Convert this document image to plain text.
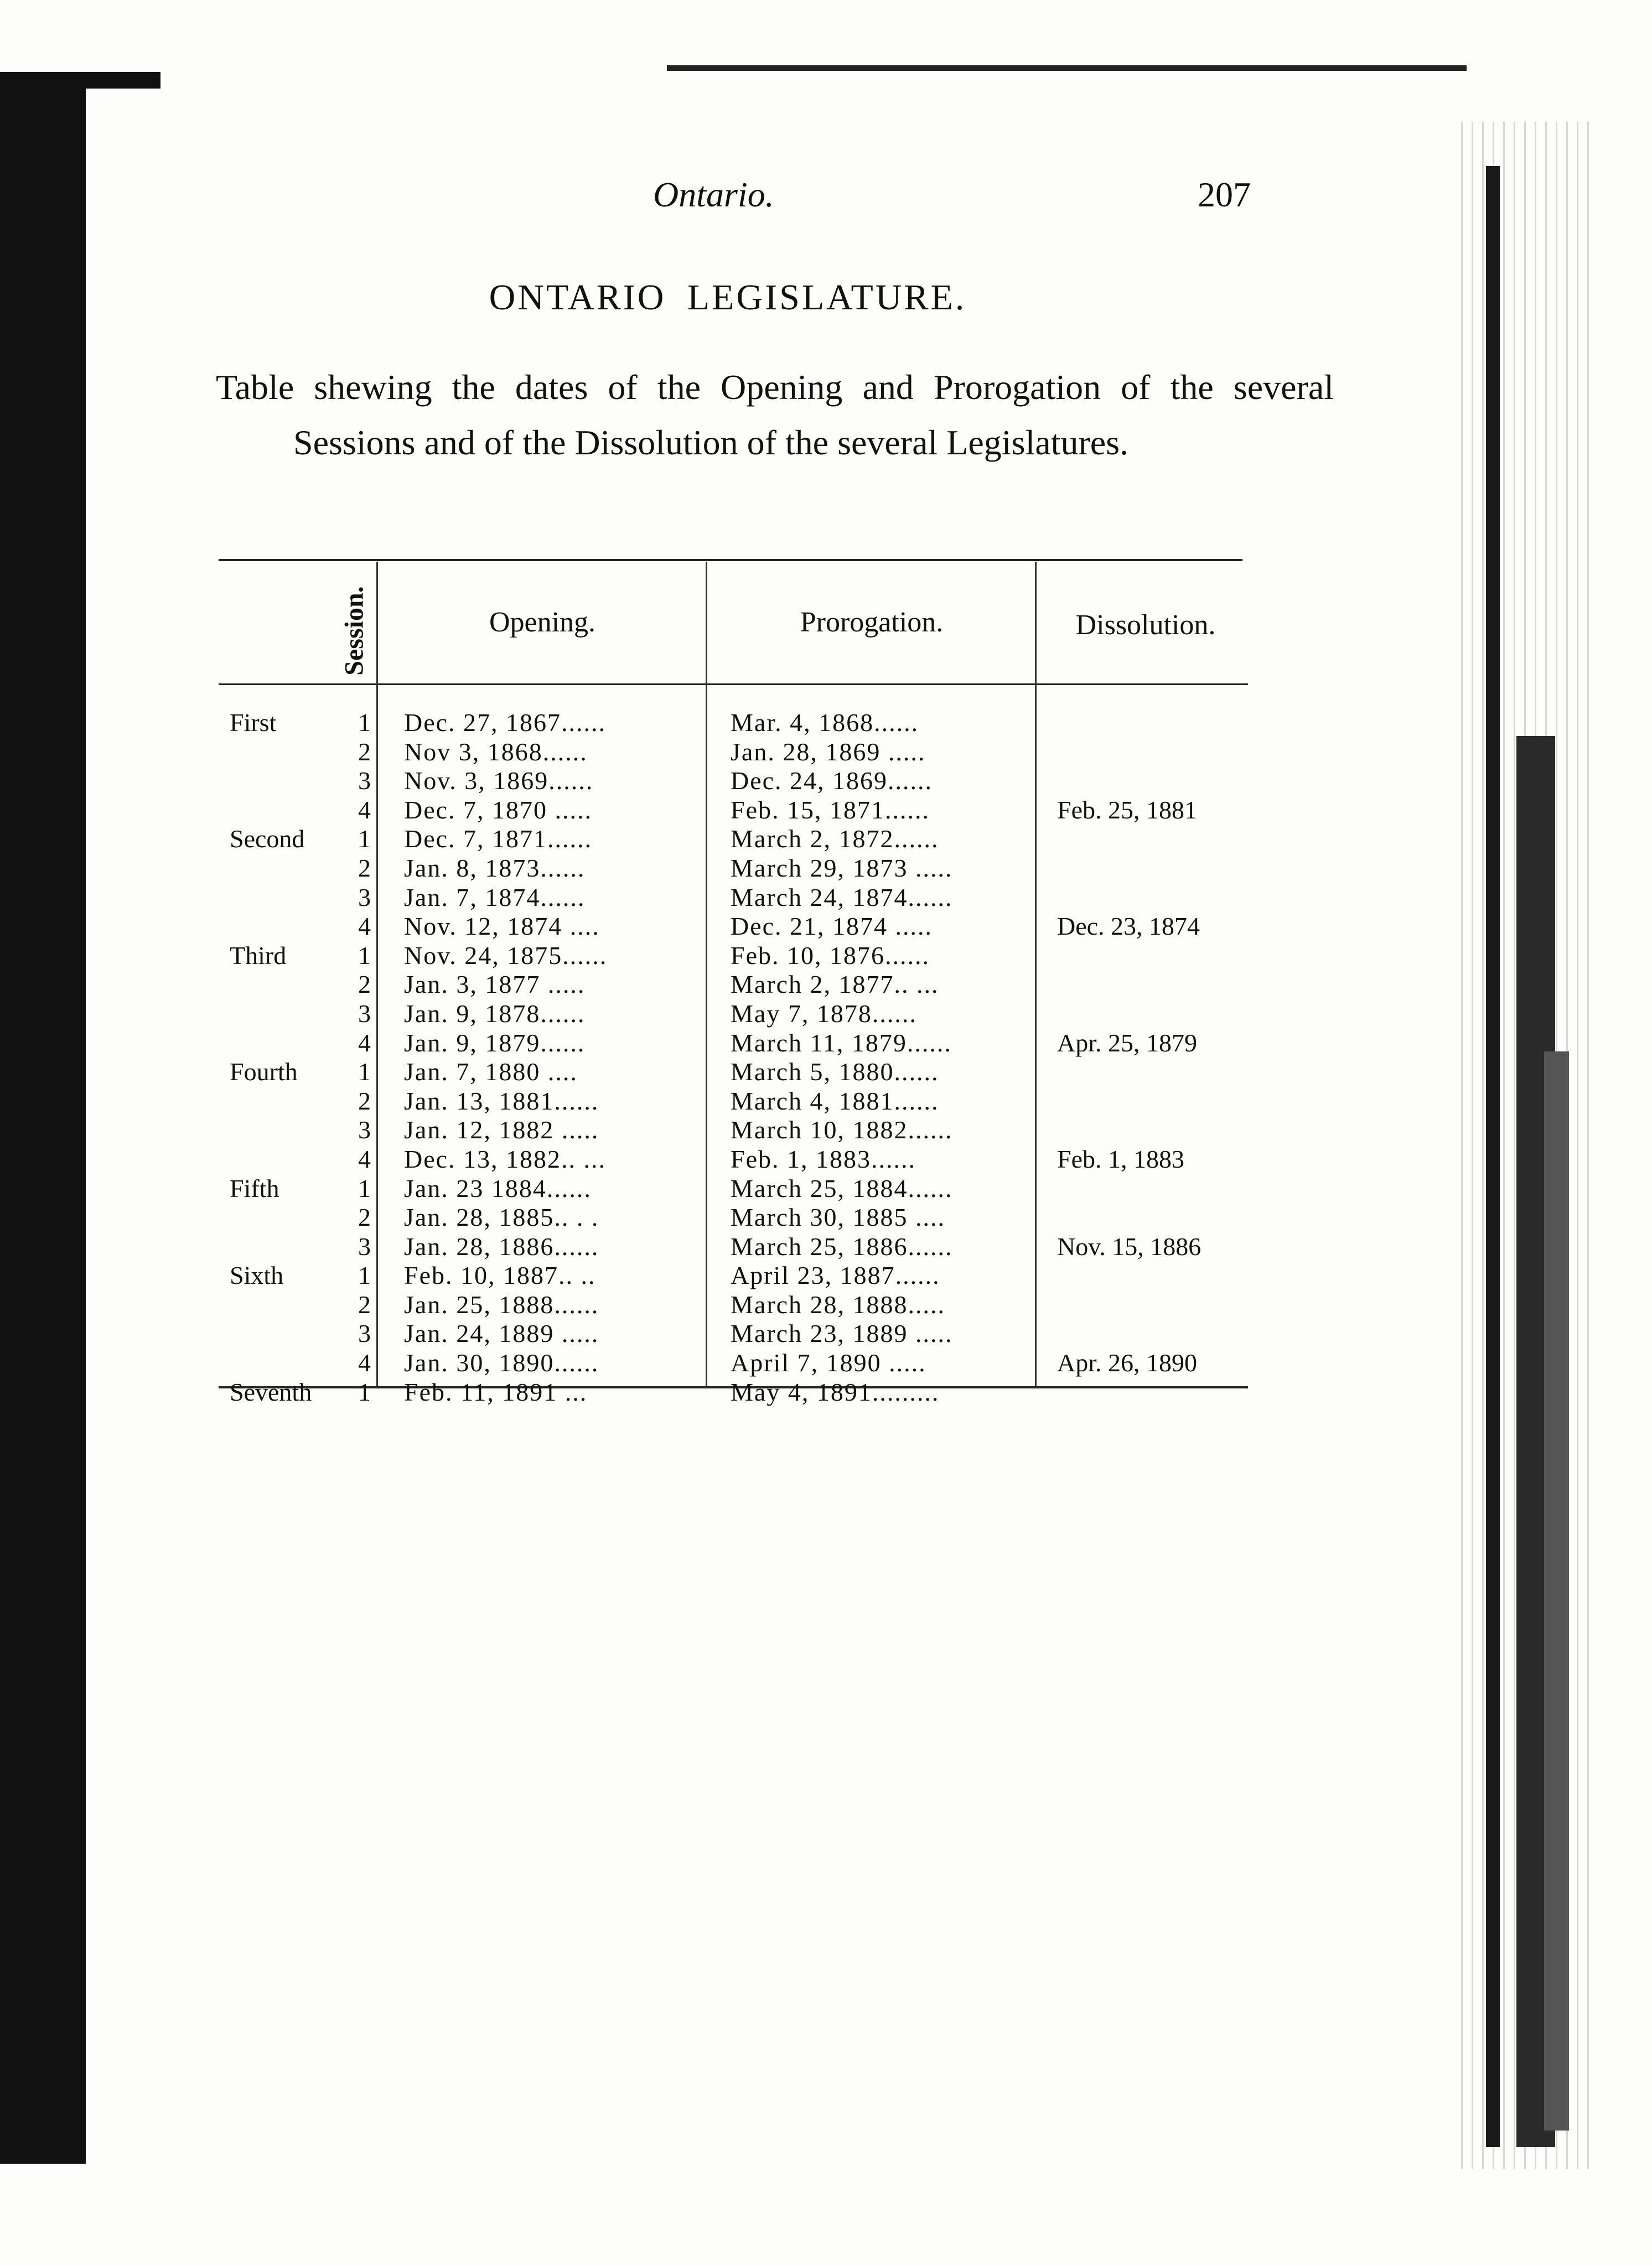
Ontario.	207
ONTARIO LEGISLATURE.
Table shewing the dates of the Opening and Prorogation of the several Sessions and of the Dissolution of the several Legislatures.
Session.	Opening.	Prorogation.	Dissolution.
First	1 Dec. 27, 1867......	Mar. 4, 1868......
2 Nov 3, 1868......	Jan. 28, 1869 .....
3 Nov. 3, 1869......	Dec. 24, 1869......
4 Dec. 7, 1870 .....	Feb. 15, 1871......	Feb. 25, 1881
Second	1 Dec. 7, 1871......	March 2, 1872......
2 Jan. 8, 1873......	March 29, 1873 .....
3 Jan. 7, 1874......	March 24, 1874......
4 Nov. 12, 1874 ....	Dec. 21, 1874 .....	Dec. 23, 1874
Third	1 Nov. 24, 1875......	Feb. 10, 1876......
2 Jan. 3, 1877 .....	March 2, 1877.. ...
3 Jan. 9, 1878......	May 7, 1878......
4 Jan. 9, 1879......	March 11, 1879......	Apr. 25, 1879
Fourth	1 Jan. 7, 1880 ....	March 5, 1880......
2 Jan. 13, 1881......	March 4, 1881......
3 Jan. 12, 1882 .....	March 10, 1882......
4 Dec. 13, 1882.. ...	Feb. 1, 1883......	Feb. 1, 1883
Fifth	1 Jan. 23 1884......	March 25, 1884......
2 Jan. 28, 1885.. . .	March 30, 1885 ....
3 Jan. 28, 1886......	March 25, 1886......	Nov. 15, 1886
Sixth	1 Feb. 10, 1887.. ..	April 23, 1887......
2 Jan. 25, 1888......	March 28, 1888.....
3 Jan. 24, 1889 .....	March 23, 1889 .....
4 Jan. 30, 1890......	April 7, 1890 .....	Apr. 26, 1890
Seventh	1 Feb. 11, 1891 ...	May 4, 1891.........
